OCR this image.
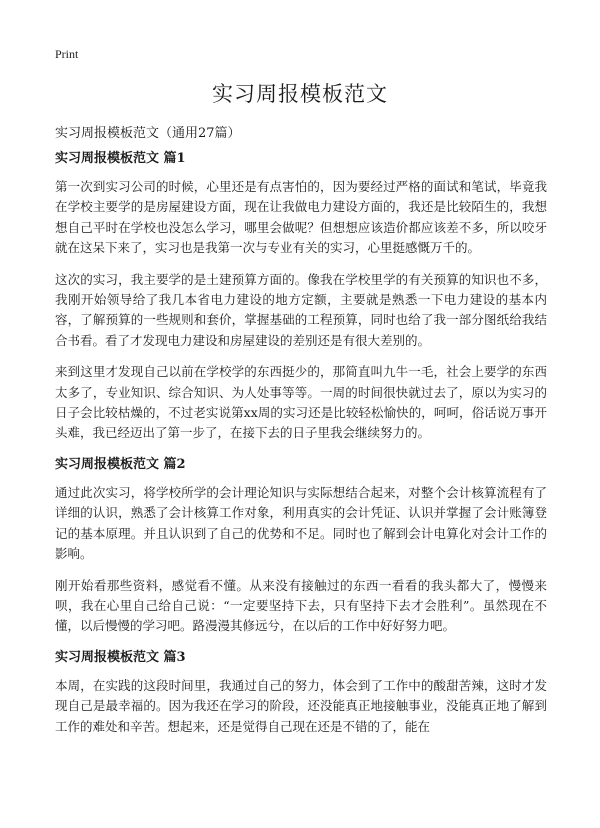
Print
实习周报模板范文
实习周报模板范文（通用27篇）
实习周报模板范文 篇1

第一次到实习公司的时候，心里还是有点害怕的，因为要经过严格的面试和笔试，毕竟我在学校主要学的是房屋建设方面，现在让我做电力建设方面的，我还是比较陌生的，我想想自己平时在学校也没怎么学习，哪里会做呢？但想想应该造价都应该差不多，所以咬牙就在这呆下来了，实习也是我第一次与专业有关的实习，心里挺感慨万千的。

这次的实习，我主要学的是土建预算方面的。像我在学校里学的有关预算的知识也不多，我刚开始领导给了我几本省电力建设的地方定额，主要就是熟悉一下电力建设的基本内容，了解预算的一些规则和套价，掌握基础的工程预算，同时也给了我一部分图纸给我结合书看。看了才发现电力建设和房屋建设的差别还是有很大差别的。

来到这里才发现自己以前在学校学的东西挺少的，那简直叫九牛一毛，社会上要学的东西太多了，专业知识、综合知识、为人处事等等。一周的时间很快就过去了，原以为实习的日子会比较枯燥的，不过老实说第xx周的实习还是比较轻松愉快的，呵呵，俗话说万事开头难，我已经迈出了第一步了，在接下去的日子里我会继续努力的。

实习周报模板范文 篇2

通过此次实习，将学校所学的会计理论知识与实际想结合起来，对整个会计核算流程有了详细的认识，熟悉了会计核算工作对象，利用真实的会计凭证、认识并掌握了会计账簿登记的基本原理。并且认识到了自己的优势和不足。同时也了解到会计电算化对会计工作的影响。

刚开始看那些资料，感觉看不懂。从来没有接触过的东西一看看的我头都大了，慢慢来呗，我在心里自己给自己说：“一定要坚持下去，只有坚持下去才会胜利”。虽然现在不懂，以后慢慢的学习吧。路漫漫其修远兮，在以后的工作中好好努力吧。

实习周报模板范文 篇3

本周，在实践的这段时间里，我通过自己的努力，体会到了工作中的酸甜苦辣，这时才发现自己是最幸福的。因为我还在学习的阶段，还没能真正地接触事业，没能真正地了解到工作的难处和辛苦。想起来，还是觉得自己现在还是不错的了，能在
